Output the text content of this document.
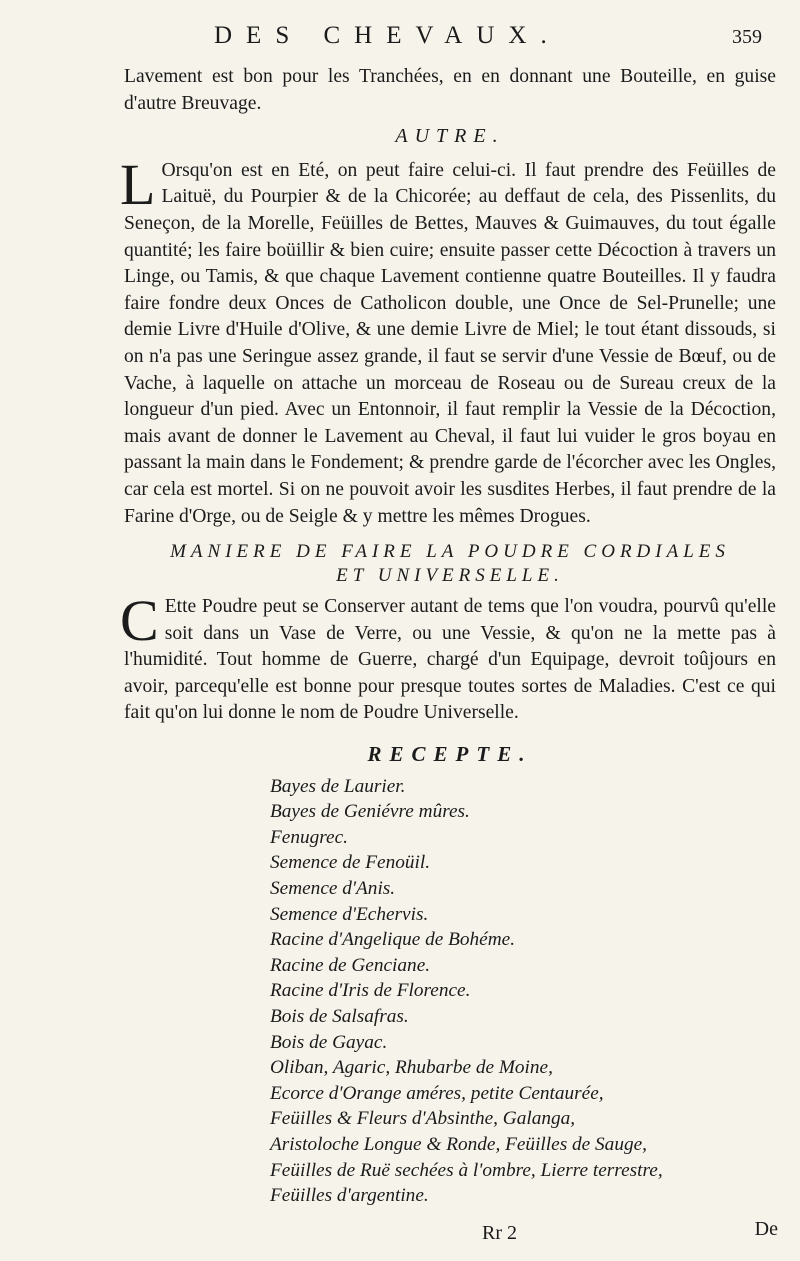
DES CHEVAUX.	359

Lavement est bon pour les Tranchées, en en donnant une Bouteille, en guise d'autre Breuvage.

AUTRE.

L Orsqu'on est en Eté, on peut faire celui-ci. Il faut prendre des Feüilles de Laituë, du Pourpier & de la Chicorée; au deffaut de cela, des Pissenlits, du Seneçon, de la Morelle, Feüilles de Bettes, Mauves & Guimauves, du tout égalle quantité; les faire boüillir & bien cuire; ensuite passer cette Décoction à travers un Linge, ou Tamis, & que chaque Lavement contienne quatre Bouteilles. Il y faudra faire fondre deux Onces de Catholicon double, une Once de Sel-Prunelle; une demie Livre d'Huile d'Olive, & une demie Livre de Miel; le tout étant dissouds, si on n'a pas une Seringue assez grande, il faut se servir d'une Vessie de Bœuf, ou de Vache, à laquelle on attache un morceau de Roseau ou de Sureau creux de la longueur d'un pied. Avec un Entonnoir, il faut remplir la Vessie de la Décoction, mais avant de donner le Lavement au Cheval, il faut lui vuider le gros boyau en passant la main dans le Fondement; & prendre garde de l'écorcher avec les Ongles, car cela est mortel. Si on ne pouvoit avoir les susdites Herbes, il faut prendre de la Farine d'Orge, ou de Seigle & y mettre les mêmes Drogues.

MANIERE DE FAIRE LA POUDRE CORDIALES
ET UNIVERSELLE.

C Ette Poudre peut se Conserver autant de tems que l'on voudra, pourvû qu'elle soit dans un Vase de Verre, ou une Vessie, & qu'on ne la mette pas à l'humidité. Tout homme de Guerre, chargé d'un Equipage, devroit toûjours en avoir, parcequ'elle est bonne pour presque toutes sortes de Maladies. C'est ce qui fait qu'on lui donne le nom de Poudre Universelle.

RECEPTE.
Bayes de Laurier.
Bayes de Geniévre mûres.
Fenugrec.
Semence de Fenoüil.
Semence d'Anis.
Semence d'Echervis.
Racine d'Angelique de Bohéme.
Racine de Genciane.
Racine d'Iris de Florence.
Bois de Salsafras.
Bois de Gayac.
Oliban, Agaric, Rhubarbe de Moine,
Ecorce d'Orange améres, petite Centaurée,
Feüilles & Fleurs d'Absinthe, Galanga,
Aristoloche Longue & Ronde, Feüilles de Sauge,
Feüilles de Ruë sechées à l'ombre, Lierre terrestre,
Feüilles d'argentine.
Rr 2	De
